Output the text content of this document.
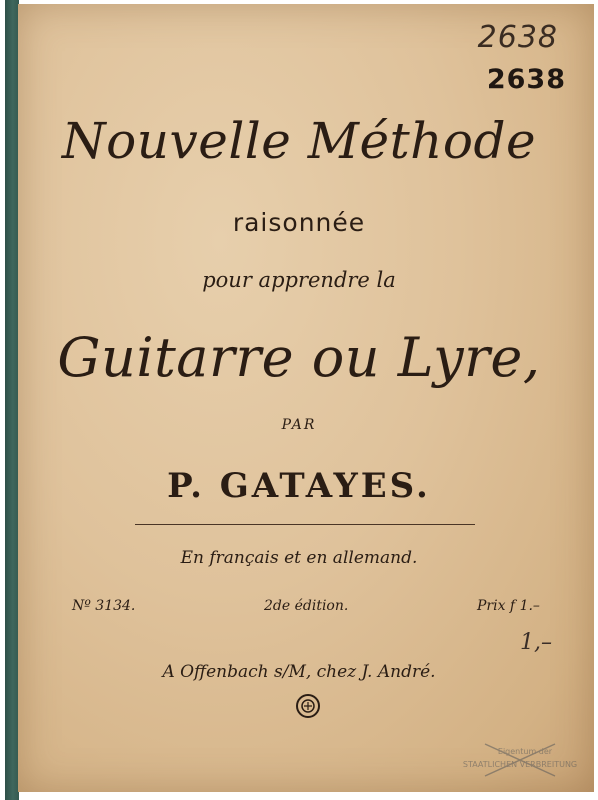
2638
2638
Nouvelle Méthode
raisonnée
pour apprendre la
Guitarre ou Lyre,
PAR
P. GATAYES.
En français et en allemand.
Nº 3134.	2de édition.	Prix f 1.–
1,–
A Offenbach s/M, chez J. André.
Eigentum der
STAATLICHEN VERBREITUNG
